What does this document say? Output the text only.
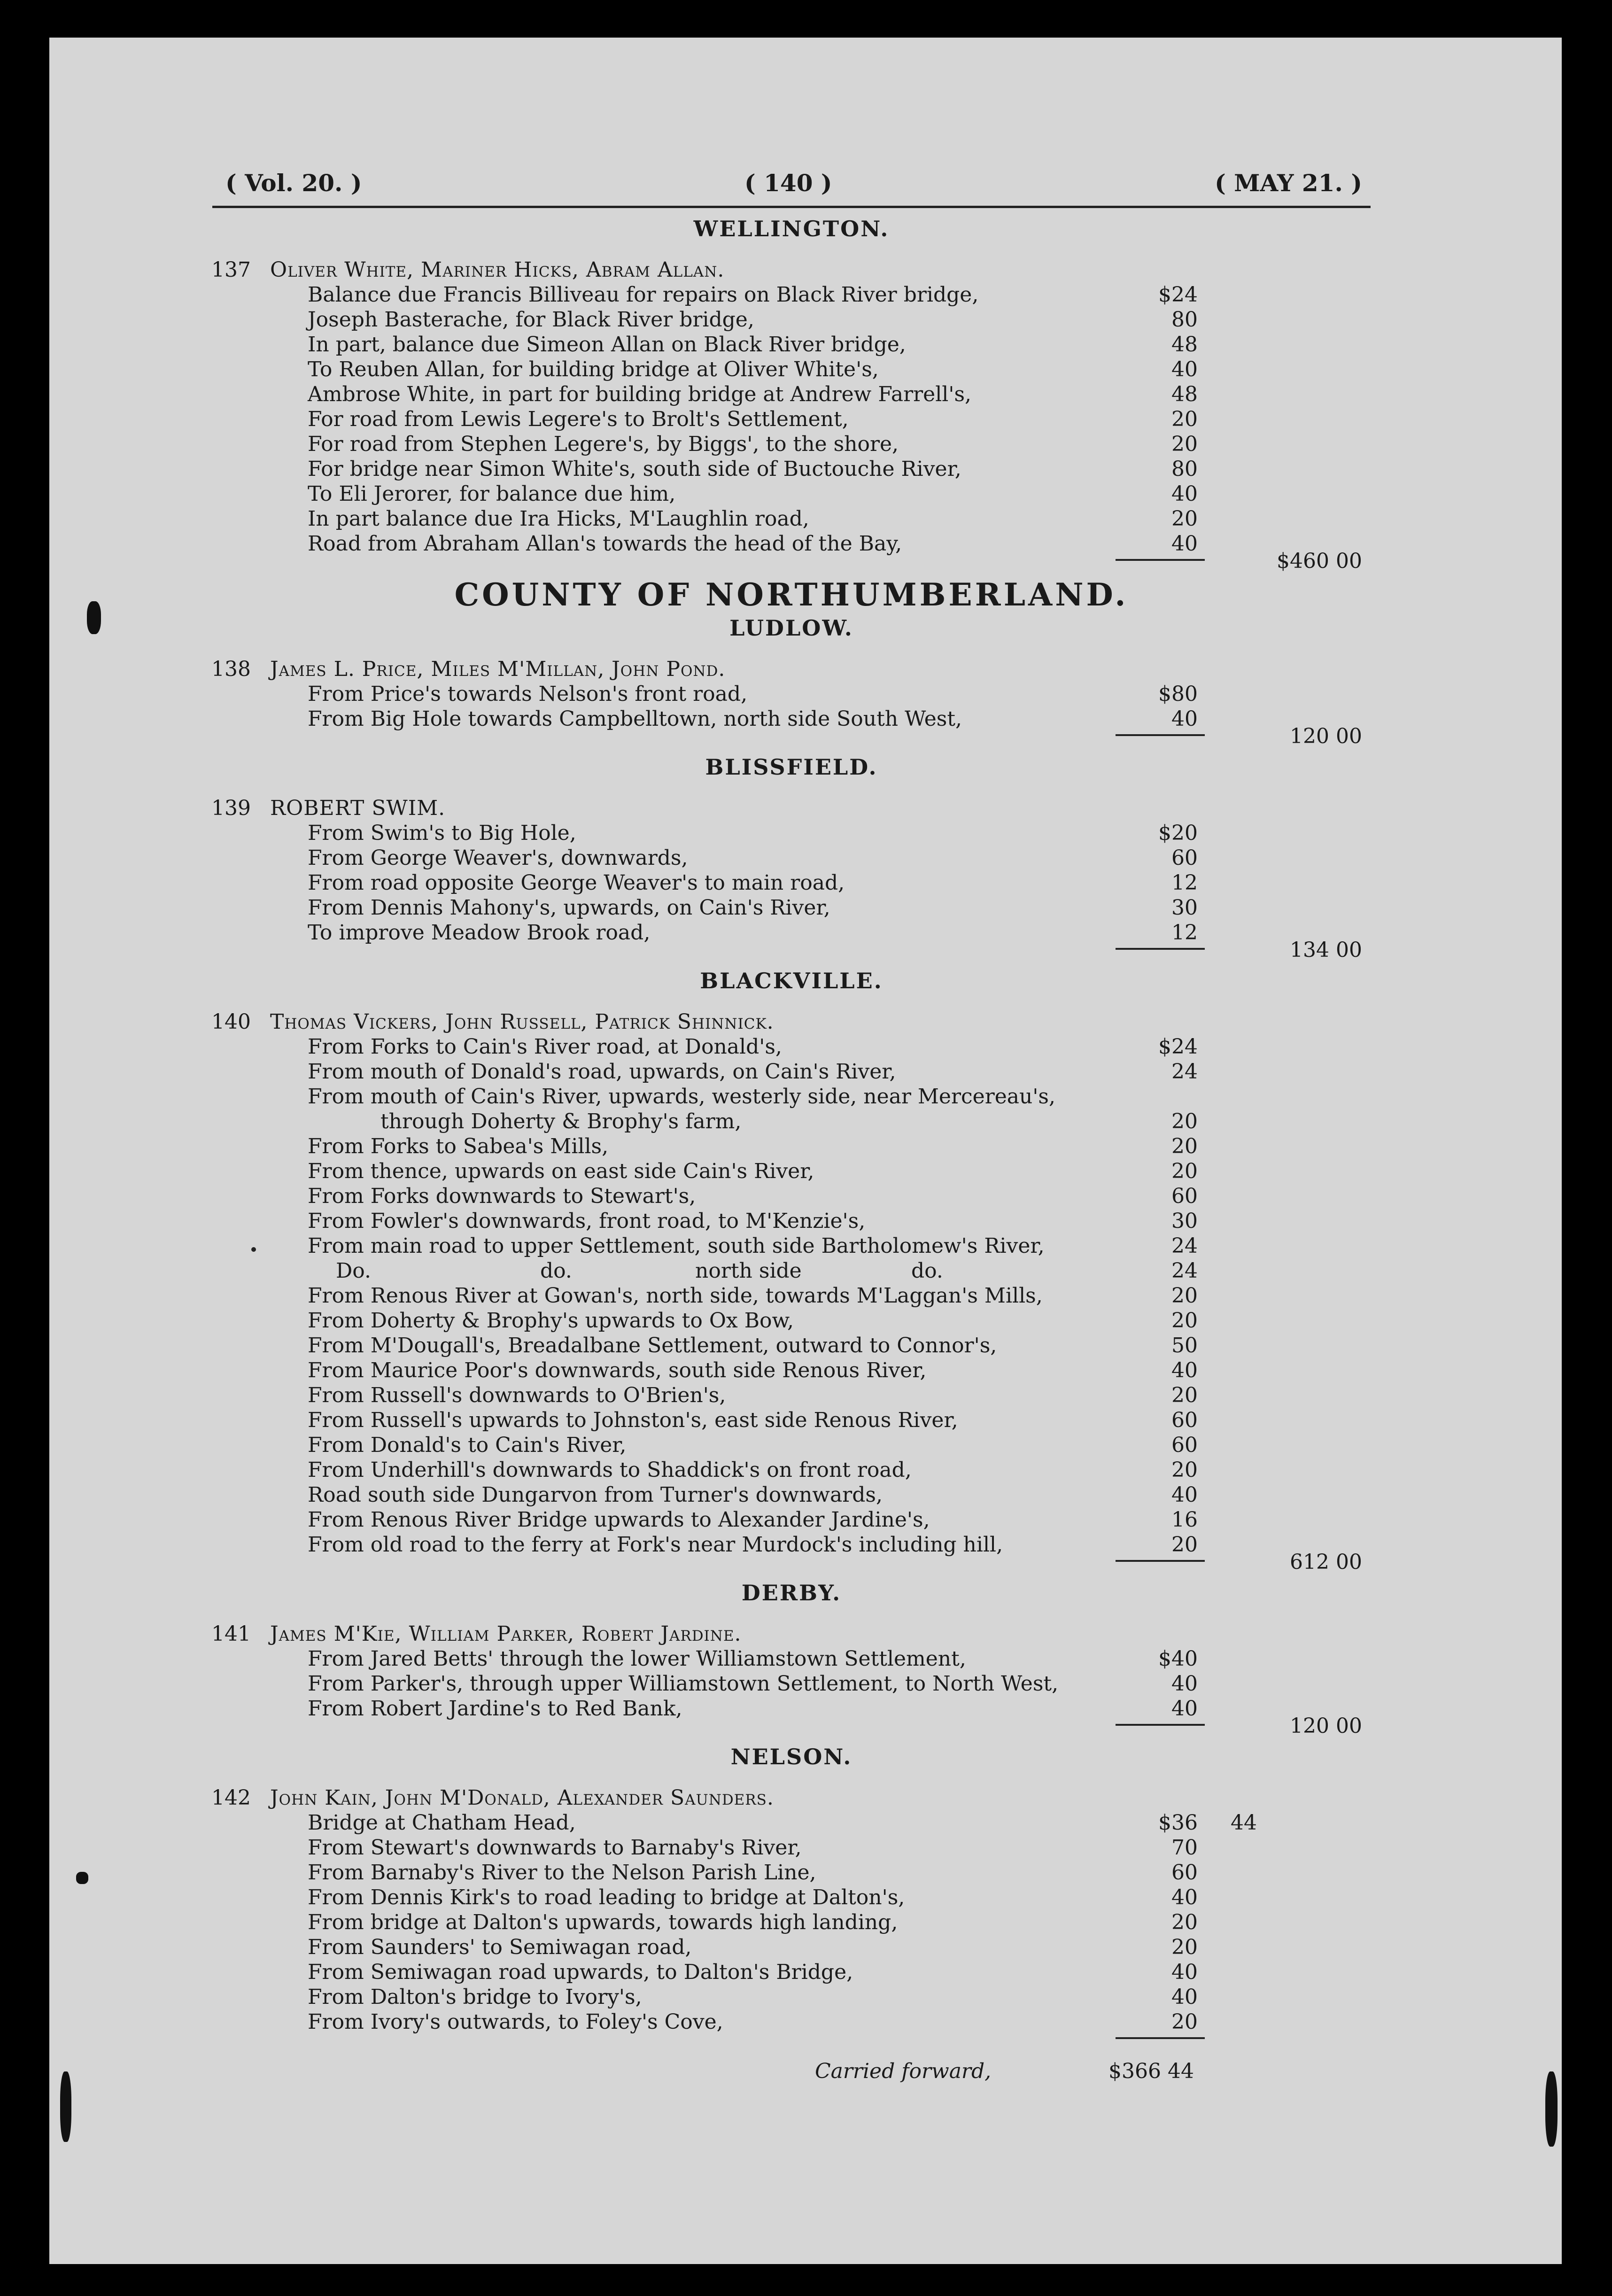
( Vol. 20. )	( 140 )	( MAY 21. )
WELLINGTON.
137 Oliver White, Mariner Hicks, Abram Allan.
Balance due Francis Billiveau for repairs on Black River bridge,	$24
Joseph Basterache, for Black River bridge,	80
In part, balance due Simeon Allan on Black River bridge,	48
To Reuben Allan, for building bridge at Oliver White's,	40
Ambrose White, in part for building bridge at Andrew Farrell's,	48
For road from Lewis Legere's to Brolt's Settlement,	20
For road from Stephen Legere's, by Biggs', to the shore,	20
For bridge near Simon White's, south side of Buctouche River,	80
To Eli Jerorer, for balance due him,	40
In part balance due Ira Hicks, M'Laughlin road,	20
Road from Abraham Allan's towards the head of the Bay,	40
$460 00
COUNTY OF NORTHUMBERLAND.
LUDLOW.
138 James L. Price, Miles M'Millan, John Pond.
From Price's towards Nelson's front road,	$80
From Big Hole towards Campbelltown, north side South West,	40
120 00
BLISSFIELD.
139 ROBERT SWIM.
From Swim's to Big Hole,	$20
From George Weaver's, downwards,	60
From road opposite George Weaver's to main road,	12
From Dennis Mahony's, upwards, on Cain's River,	30
To improve Meadow Brook road,	12
134 00
BLACKVILLE.
140 Thomas Vickers, John Russell, Patrick Shinnick.
From Forks to Cain's River road, at Donald's,	$24
From mouth of Donald's road, upwards, on Cain's River,	24
From mouth of Cain's River, upwards, westerly side, near Mercereau's,
through Doherty & Brophy's farm,	20
From Forks to Sabea's Mills,	20
From thence, upwards on east side Cain's River,	20
From Forks downwards to Stewart's,	60
From Fowler's downwards, front road, to M'Kenzie's,	30
From main road to upper Settlement, south side Bartholomew's River,	24
Do.	do.	north side	do.	24
From Renous River at Gowan's, north side, towards M'Laggan's Mills,	20
From Doherty & Brophy's upwards to Ox Bow,	20
From M'Dougall's, Breadalbane Settlement, outward to Connor's,	50
From Maurice Poor's downwards, south side Renous River,	40
From Russell's downwards to O'Brien's,	20
From Russell's upwards to Johnston's, east side Renous River,	60
From Donald's to Cain's River,	60
From Underhill's downwards to Shaddick's on front road,	20
Road south side Dungarvon from Turner's downwards,	40
From Renous River Bridge upwards to Alexander Jardine's,	16
From old road to the ferry at Fork's near Murdock's including hill,	20
612 00
DERBY.
141 James M'Kie, William Parker, Robert Jardine.
From Jared Betts' through the lower Williamstown Settlement,	$40
From Parker's, through upper Williamstown Settlement, to North West,	40
From Robert Jardine's to Red Bank,	40
120 00
NELSON.
142 John Kain, John M'Donald, Alexander Saunders.
Bridge at Chatham Head,	$36 44
From Stewart's downwards to Barnaby's River,	70
From Barnaby's River to the Nelson Parish Line,	60
From Dennis Kirk's to road leading to bridge at Dalton's,	40
From bridge at Dalton's upwards, towards high landing,	20
From Saunders' to Semiwagan road,	20
From Semiwagan road upwards, to Dalton's Bridge,	40
From Dalton's bridge to Ivory's,	40
From Ivory's outwards, to Foley's Cove,	20
Carried forward,	$366 44
